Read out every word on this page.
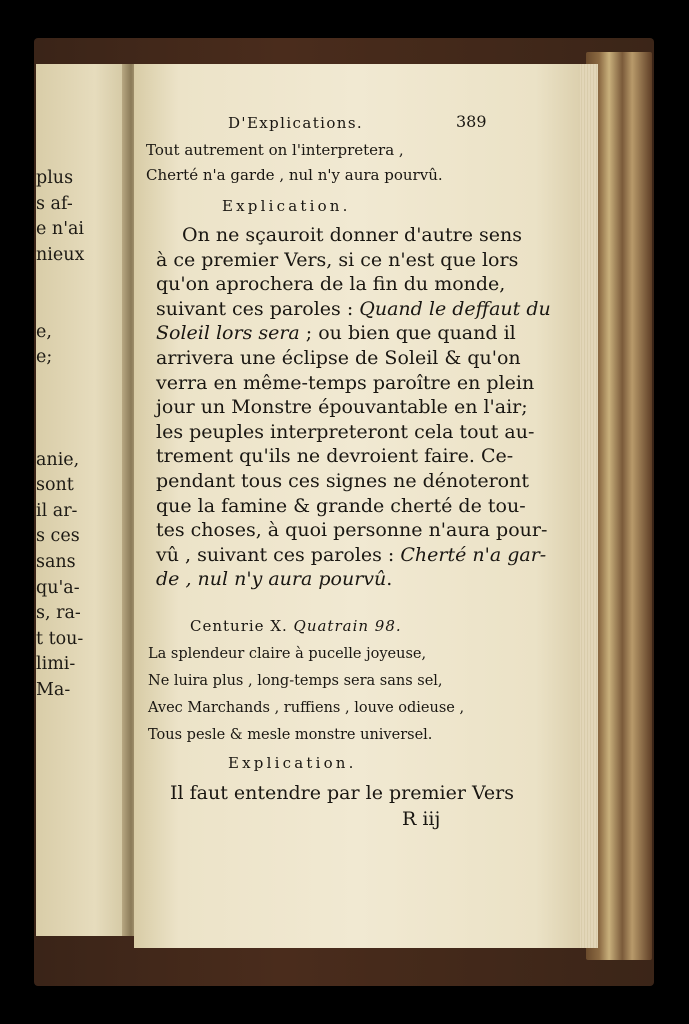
plus
s af-
e n'ai
nieux
e,
e;
anie,
sont
il ar-
s ces
sans
qu'a-
s, ra-
t tou-
limi-
Ma-
D'Explications.	389
Tout autrement on l'interpretera ,
Cherté n'a garde , nul n'y aura pourvû.
Explication.
On ne sçauroit donner d'autre sens
à ce premier Vers, si ce n'est que lors
qu'on aprochera de la fin du monde,
suivant ces paroles : Quand le deffaut du
Soleil lors sera ; ou bien que quand il
arrivera une éclipse de Soleil & qu'on
verra en même-temps paroître en plein
jour un Monstre épouvantable en l'air;
les peuples interpreteront cela tout au-
trement qu'ils ne devroient faire. Ce-
pendant tous ces signes ne dénoteront
que la famine & grande cherté de tou-
tes choses, à quoi personne n'aura pour-
vû , suivant ces paroles : Cherté n'a gar-
de , nul n'y aura pourvû.
Centurie X. Quatrain 98.
La splendeur claire à pucelle joyeuse,
Ne luira plus , long-temps sera sans sel,
Avec Marchands , ruffiens , louve odieuse ,
Tous pesle & mesle monstre universel.
Explication.
Il faut entendre par le premier Vers
R iij
